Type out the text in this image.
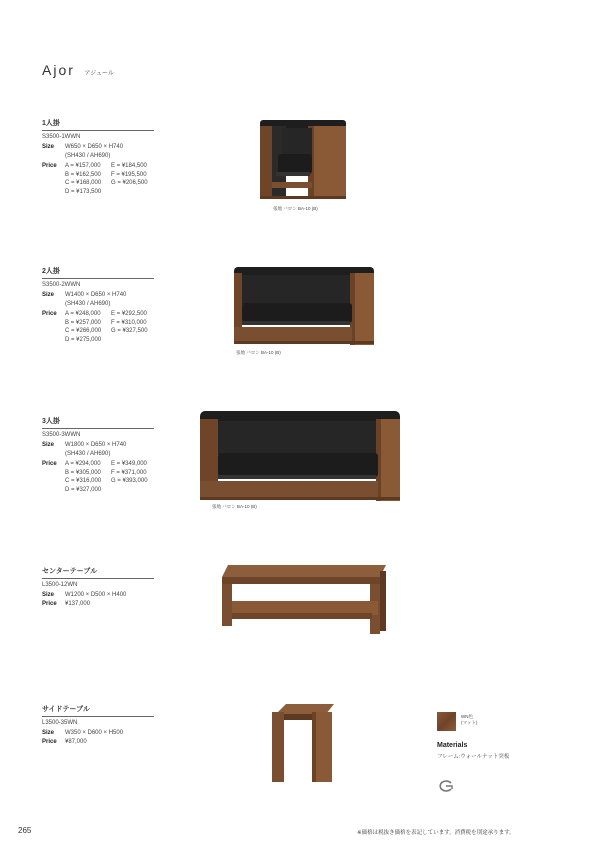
Ajor アジュール
1人掛
S3500-1WWN
Size W650 × D650 × H740
(SH430 / AH690)
Price A = ¥157,000	E = ¥184,500
B = ¥162,500	F = ¥195,500
C = ¥168,000	G = ¥206,500
D = ¥173,500
張地 バロン BA-10 (B)
2人掛
S3500-2WWN
Size W1400 × D650 × H740
(SH430 / AH690)
Price A = ¥248,000	E = ¥292,500
B = ¥257,000	F = ¥310,000
C = ¥266,000	G = ¥327,500
D = ¥275,000
張地 バロン BA-10 (B)
3人掛
S3500-3WWN
Size W1800 × D650 × H740
(SH430 / AH690)
Price A = ¥294,000	E = ¥349,000
B = ¥305,000	F = ¥371,000
C = ¥316,000	G = ¥393,000
D = ¥327,000
張地 バロン BA-10 (B)
センターテーブル
L3500-12WN
Size W1200 × D500 × H400
Price ¥137,000
サイドテーブル
L3500-35WN
Size W350 × D600 × H500
Price ¥87,000
WN色
(マット)
Materials
フレーム:ウォールナット突板
265	※価格は税抜き価格を表記しています。消費税を別途承ります。
